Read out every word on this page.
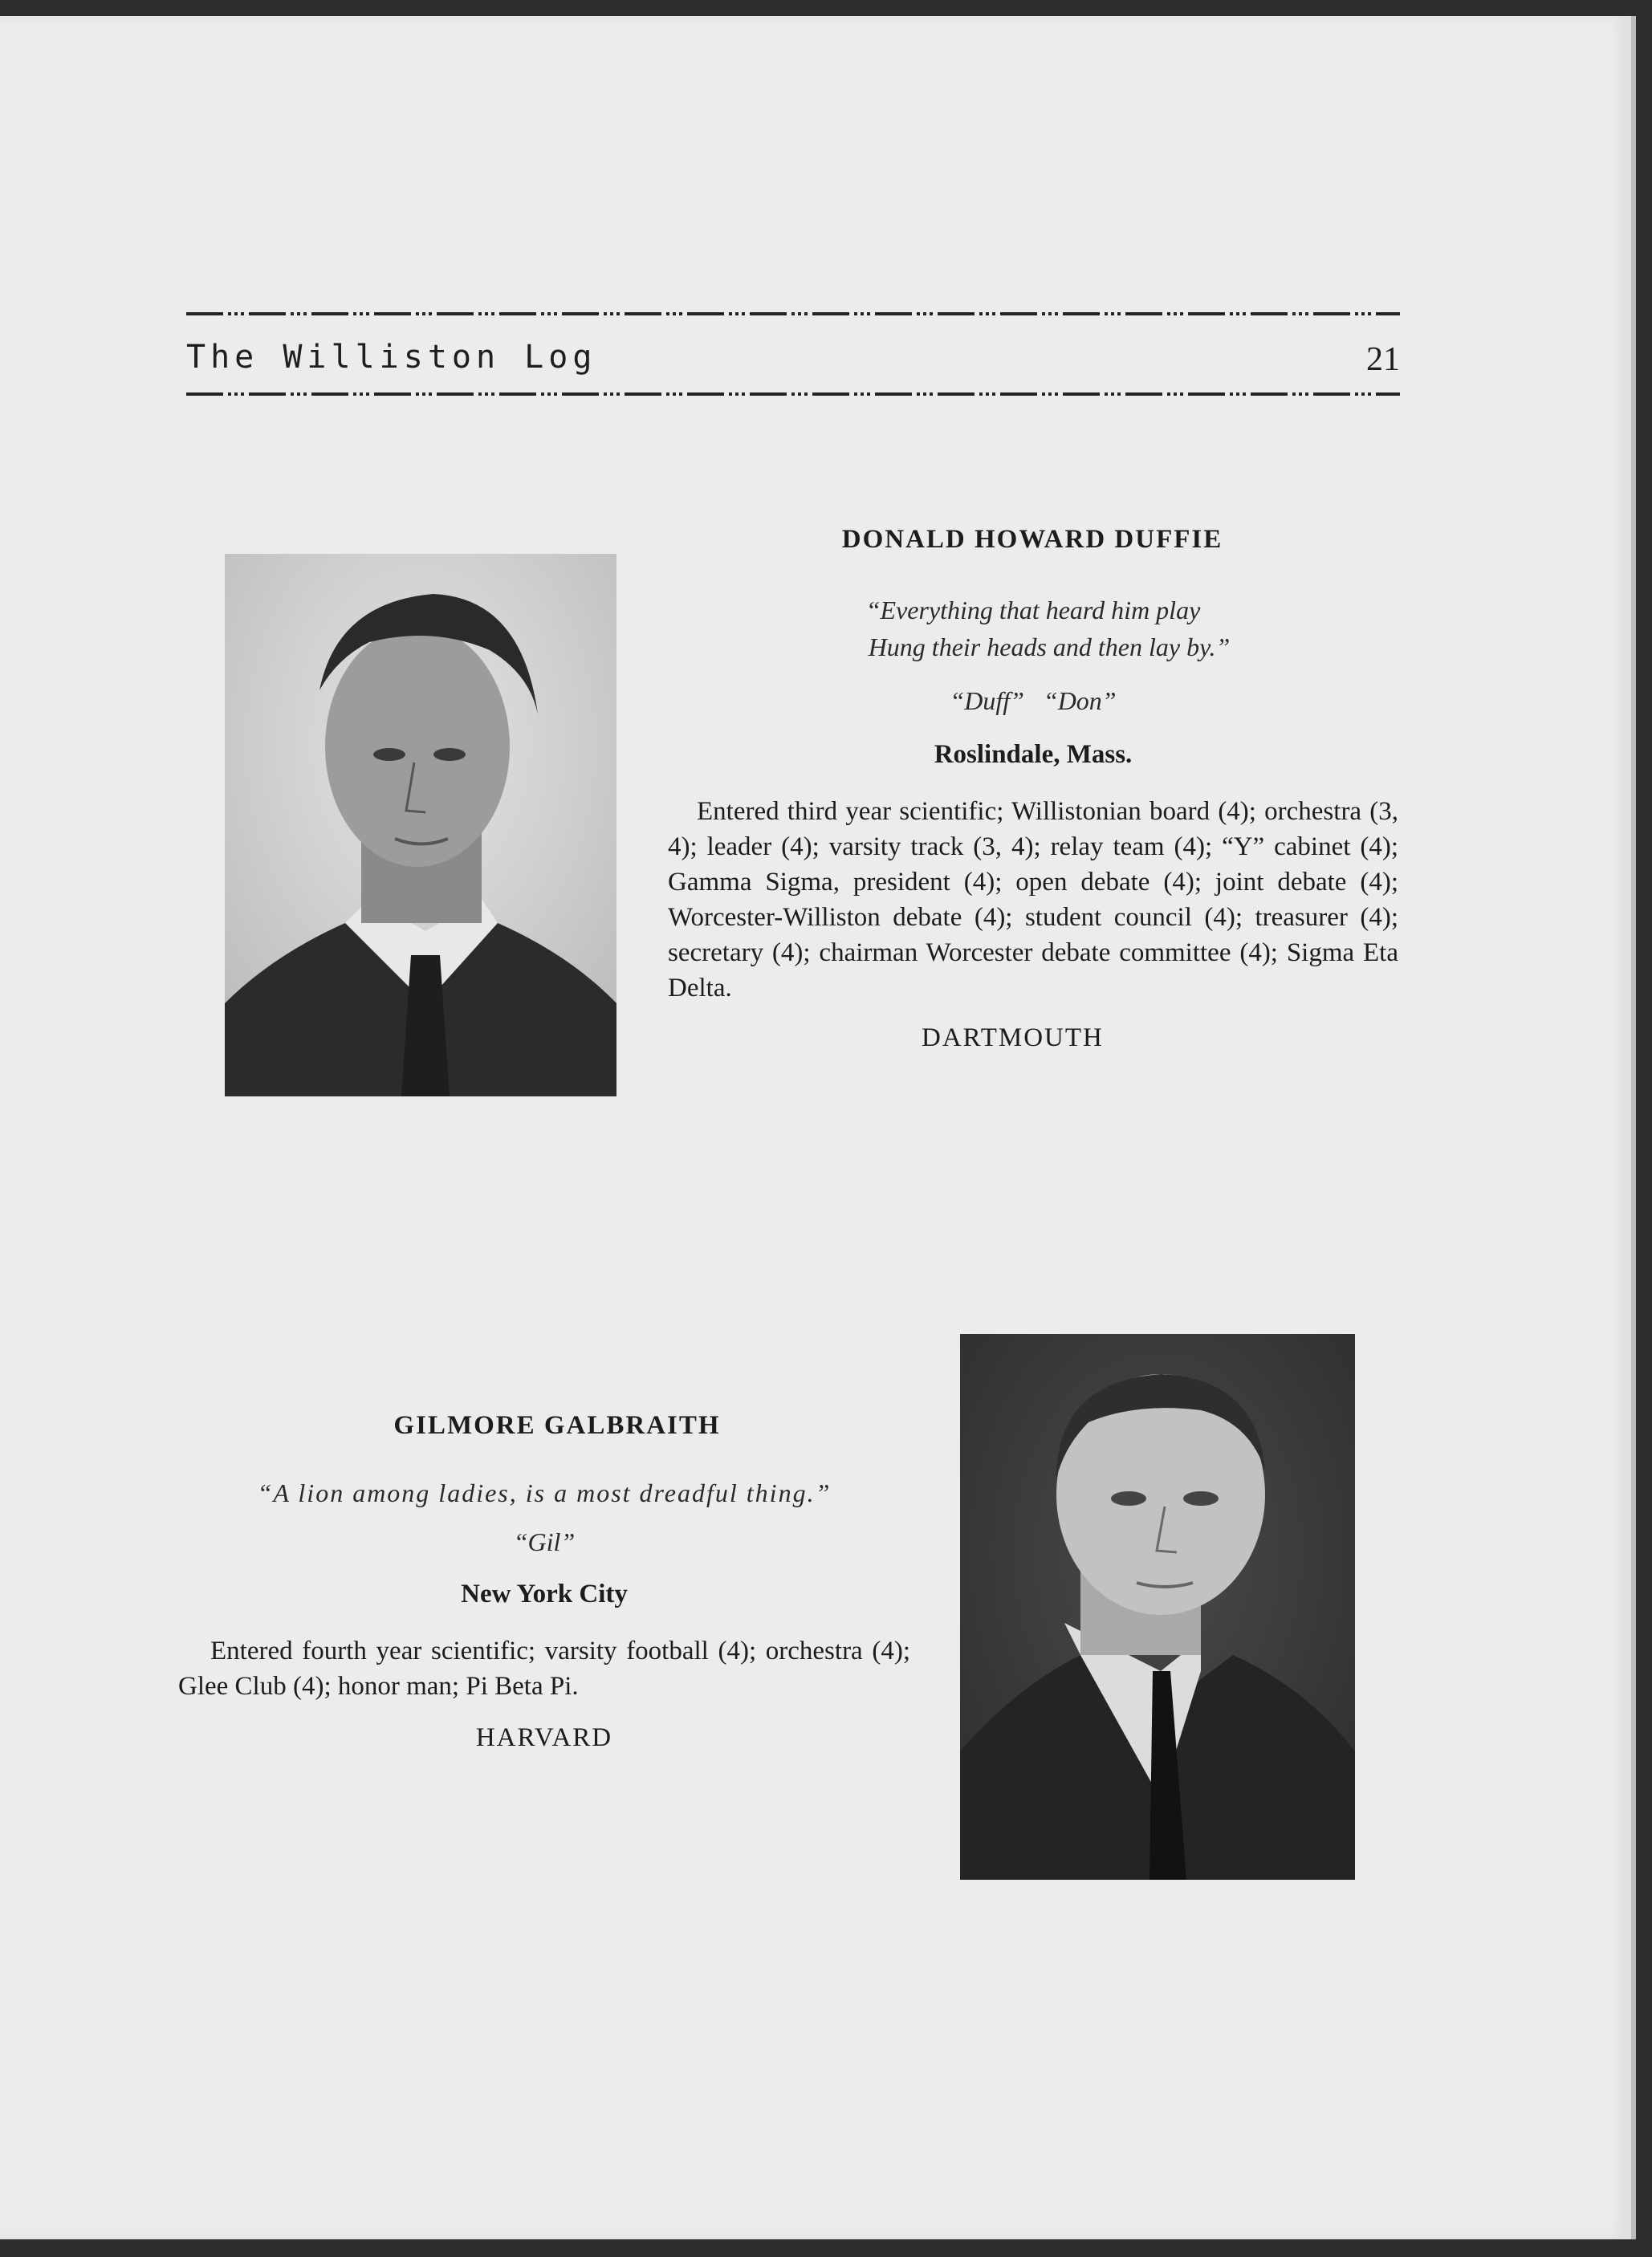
The Williston Log	21
DONALD HOWARD DUFFIE
“Everything that heard him play
Hung their heads and then lay by.”
“Duff”   “Don”
Roslindale, Mass.
Entered third year scientific; Willistonian board (4); orchestra (3, 4); leader (4); varsity track (3, 4); relay team (4); “Y” cabinet (4); Gamma Sigma, president (4); open debate (4); joint debate (4); Worcester-Williston debate (4); student council (4); treasurer (4); secretary (4); chairman Worcester debate committee (4); Sigma Eta Delta.
DARTMOUTH
GILMORE GALBRAITH
“A lion among ladies, is a most dreadful thing.”
“Gil”
New York City
Entered fourth year scientific; varsity football (4); orchestra (4); Glee Club (4); honor man; Pi Beta Pi.
HARVARD
